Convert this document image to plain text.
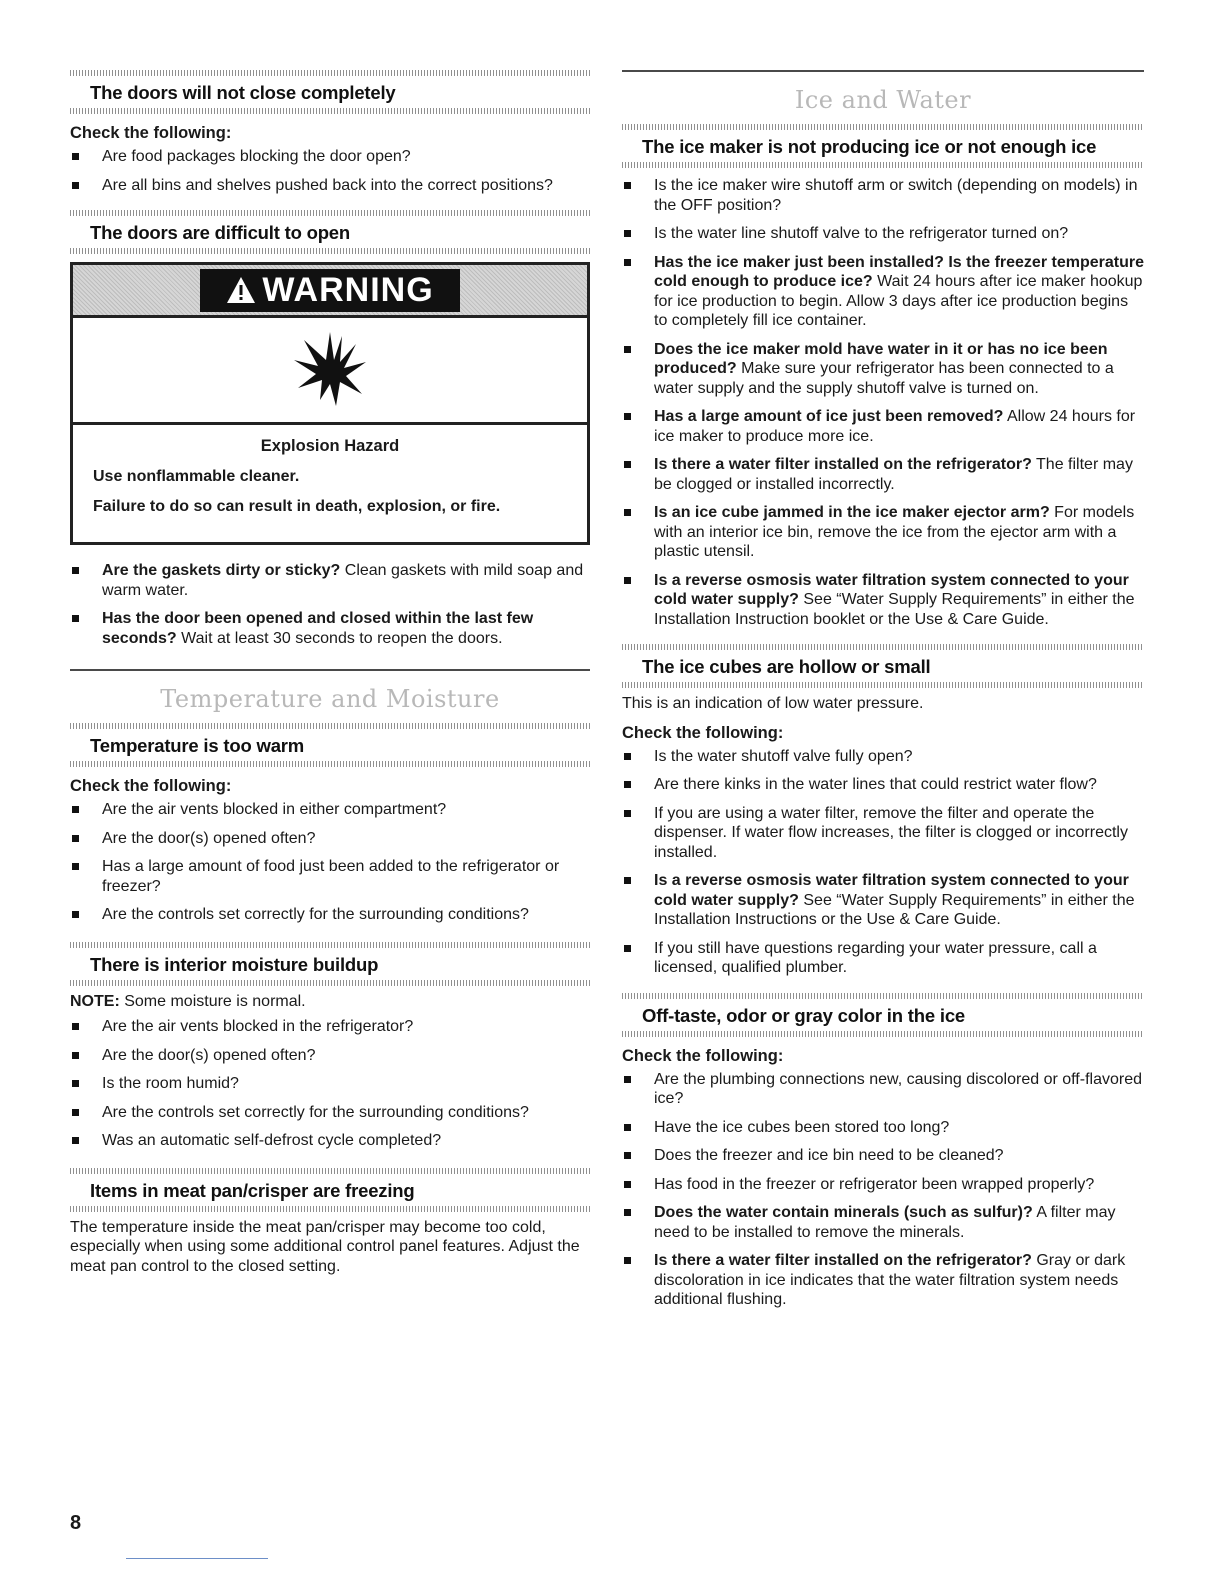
The doors will not close completely
Check the following:
Are food packages blocking the door open?
Are all bins and shelves pushed back into the correct positions?
The doors are difficult to open
WARNING
Explosion Hazard
Use nonflammable cleaner.
Failure to do so can result in death, explosion, or fire.
Are the gaskets dirty or sticky? Clean gaskets with mild soap and warm water.
Has the door been opened and closed within the last few seconds? Wait at least 30 seconds to reopen the doors.
Temperature and Moisture
Temperature is too warm
Check the following:
Are the air vents blocked in either compartment?
Are the door(s) opened often?
Has a large amount of food just been added to the refrigerator or freezer?
Are the controls set correctly for the surrounding conditions?
There is interior moisture buildup

NOTE: Some moisture is normal.

Are the air vents blocked in the refrigerator?
Are the door(s) opened often?
Is the room humid?
Are the controls set correctly for the surrounding conditions?
Was an automatic self-defrost cycle completed?
Items in meat pan/crisper are freezing

The temperature inside the meat pan/crisper may become too cold, especially when using some additional control panel features. Adjust the meat pan control to the closed setting.

Ice and Water
The ice maker is not producing ice or not enough ice
Is the ice maker wire shutoff arm or switch (depending on models) in the OFF position?
Is the water line shutoff valve to the refrigerator turned on?
Has the ice maker just been installed? Is the freezer temperature cold enough to produce ice? Wait 24 hours after ice maker hookup for ice production to begin. Allow 3 days after ice production begins to completely fill ice container.
Does the ice maker mold have water in it or has no ice been produced? Make sure your refrigerator has been connected to a water supply and the supply shutoff valve is turned on.
Has a large amount of ice just been removed? Allow 24 hours for ice maker to produce more ice.
Is there a water filter installed on the refrigerator? The filter may be clogged or installed incorrectly.
Is an ice cube jammed in the ice maker ejector arm? For models with an interior ice bin, remove the ice from the ejector arm with a plastic utensil.
Is a reverse osmosis water filtration system connected to your cold water supply? See “Water Supply Requirements” in either the Installation Instruction booklet or the Use & Care Guide.
The ice cubes are hollow or small

This is an indication of low water pressure.

Check the following:
Is the water shutoff valve fully open?
Are there kinks in the water lines that could restrict water flow?
If you are using a water filter, remove the filter and operate the dispenser. If water flow increases, the filter is clogged or incorrectly installed.
Is a reverse osmosis water filtration system connected to your cold water supply? See “Water Supply Requirements” in either the Installation Instructions or the Use & Care Guide.
If you still have questions regarding your water pressure, call a licensed, qualified plumber.
Off-taste, odor or gray color in the ice
Check the following:
Are the plumbing connections new, causing discolored or off-flavored ice?
Have the ice cubes been stored too long?
Does the freezer and ice bin need to be cleaned?
Has food in the freezer or refrigerator been wrapped properly?
Does the water contain minerals (such as sulfur)? A filter may need to be installed to remove the minerals.
Is there a water filter installed on the refrigerator? Gray or dark discoloration in ice indicates that the water filtration system needs additional flushing.
8
